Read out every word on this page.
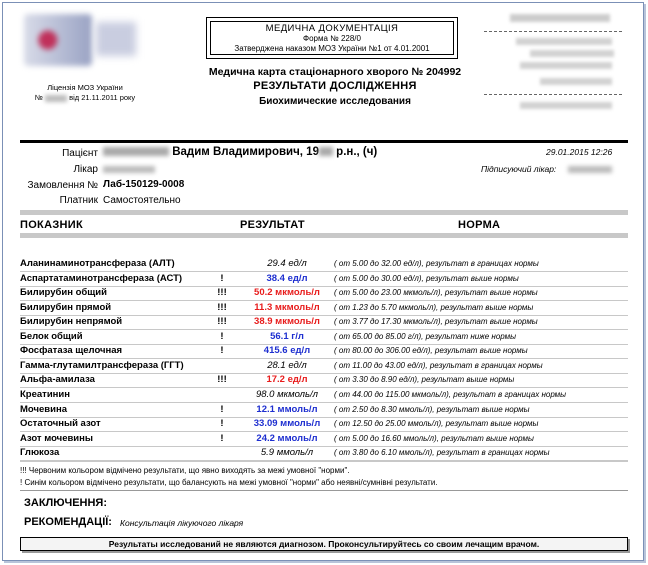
Ліцензія МОЗ України
№	від 21.11.2011 року
МЕДИЧНА ДОКУМЕНТАЦІЯ
Форма № 228/0
Затверджена наказом МОЗ України №1 от 4.01.2001
Медична карта стаціонарного хворого № 204992
РЕЗУЛЬТАТИ ДОСЛІДЖЕННЯ
Биохимические исследования
Пацієнт	Вадим Владимирович, 19 р.н., (ч)	29.01.2015 12:26
Лікар	Підписуючий лікар:
Замовлення № Лаб-150129-0008
Платник Самостоятельно
ПОКАЗНИК	РЕЗУЛЬТАТ	НОРМА
Аланинаминотрансфераза (АЛТ)	29.4 ед/л	( от 5.00 до 32.00 ед/л), результат в границах нормы
Аспартатаминотрансфераза (АСТ)	!	38.4 ед/л	( от 5.00 до 30.00 ед/л), результат выше нормы
Билирубин общий	!!!	50.2 мкмоль/л	( от 5.00 до 23.00 мкмоль/л), результат выше нормы
Билирубин прямой	!!!	11.3 мкмоль/л	( от 1.23 до 5.70 мкмоль/л), результат выше нормы
Билирубин непрямой	!!!	38.9 мкмоль/л	( от 3.77 до 17.30 мкмоль/л), результат выше нормы
Белок общий	!	56.1 г/л	( от 65.00 до 85.00 г/л), результат ниже нормы
Фосфатаза щелочная	!	415.6 ед/л	( от 80.00 до 306.00 ед/л), результат выше нормы
Гамма-глутамилтрансфераза (ГГТ)	28.1 ед/л	( от 11.00 до 43.00 ед/л), результат в границах нормы
Альфа-амилаза	!!!	17.2 ед/л	( от 3.30 до 8.90 ед/л), результат выше нормы
Креатинин	98.0 мкмоль/л	( от 44.00 до 115.00 мкмоль/л), результат в границах нормы
Мочевина	!	12.1 ммоль/л	( от 2.50 до 8.30 ммоль/л), результат выше нормы
Остаточный азот	!	33.09 ммоль/л	( от 12.50 до 25.00 ммоль/л), результат выше нормы
Азот мочевины	!	24.2 ммоль/л	( от 5.00 до 16.60 ммоль/л), результат выше нормы
Глюкоза	5.9 ммоль/л	( от 3.80 до 6.10 ммоль/л), результат в границах нормы
!!! Червоним кольором відмічено результати, що явно виходять за межі умовної "норми".
! Синім кольором відмічено результати, що балансують на межі умовної "норми" або неявні/сумнівні результати.
ЗАКЛЮЧЕННЯ:
РЕКОМЕНДАЦІЇ: Консультація лікуючого лікаря
Результаты исследований не являются диагнозом. Проконсультируйтесь со своим лечащим врачом.
